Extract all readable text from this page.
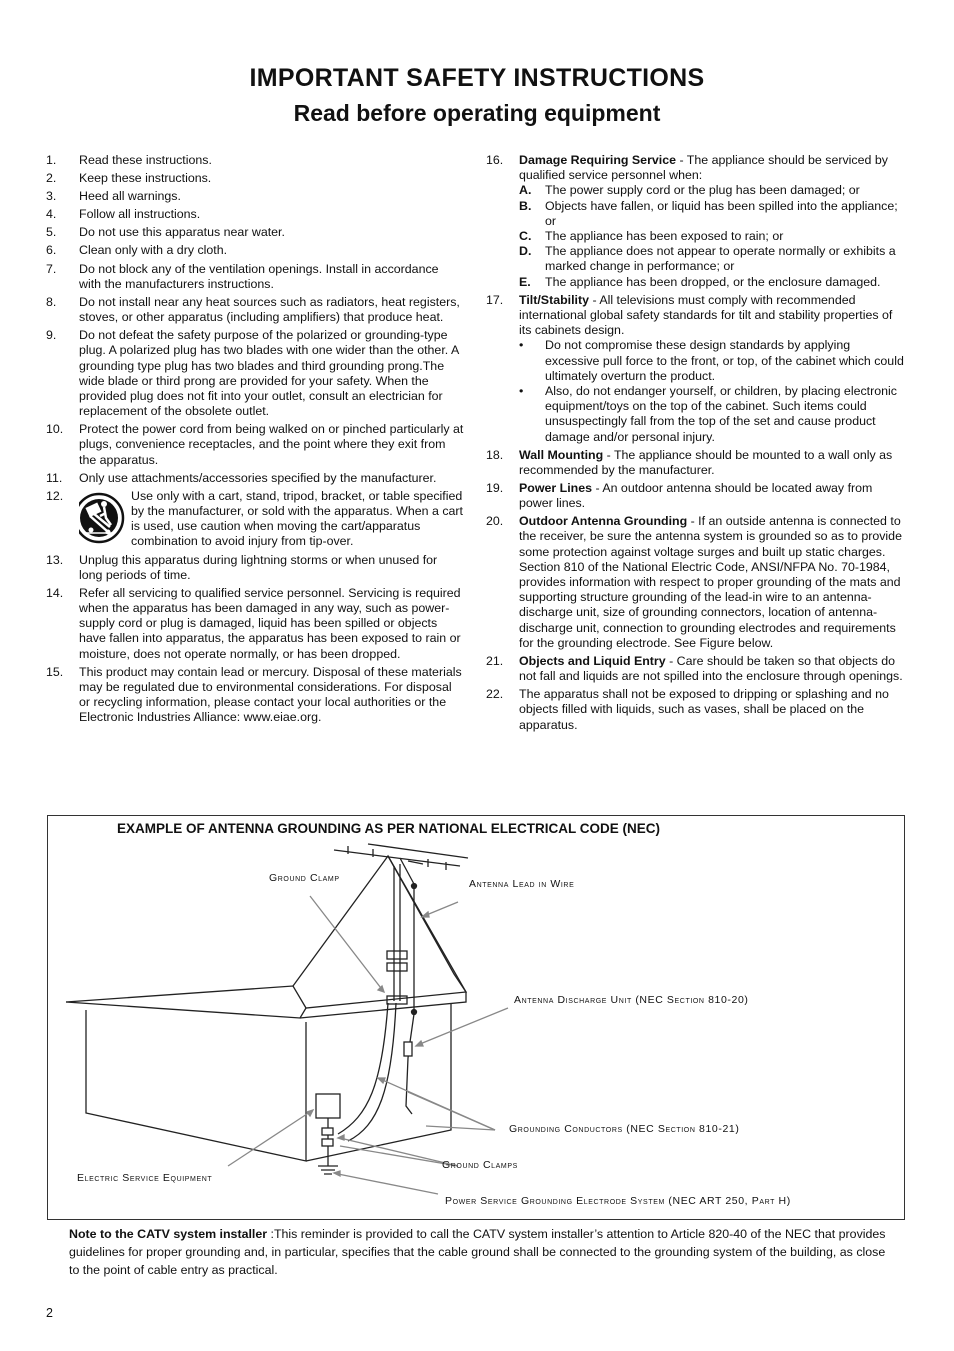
IMPORTANT SAFETY INSTRUCTIONS
Read before operating equipment
1.	Read these instructions.
2.	Keep these instructions.
3.	Heed all warnings.
4.	Follow all instructions.
5.	Do not use this apparatus near water.
6.	Clean only with a dry cloth.
7.	Do not block any of the ventilation openings. Install in accordance with the manufacturers instructions.
8.	Do not install near any heat sources such as radiators, heat registers, stoves, or other apparatus (including amplifiers) that produce heat.
9.	Do not defeat the safety purpose of the polarized or grounding-type plug. A polarized plug has two blades with one wider than the other. A grounding type plug has two blades and third grounding prong.The wide blade or third prong are provided for your safety. When the provided plug does not fit into your outlet, consult an electrician for replacement of the obsolete outlet.
10.	Protect the power cord from being walked on or pinched particularly at plugs, convenience receptacles, and the point where they exit from the apparatus.
11.	Only use attachments/accessories specified by the manufacturer.
12.	Use only with a cart, stand, tripod, bracket, or table specified by the manufacturer, or sold with the apparatus. When a cart is used, use caution when moving the cart/apparatus combination to avoid injury from tip-over.
13.	Unplug this apparatus during lightning storms or when unused for long periods of time.
14.	Refer all servicing to qualified service personnel. Servicing is required when the apparatus has been damaged in any way, such as power-supply cord or plug is damaged, liquid has been spilled or objects have fallen into apparatus, the apparatus has been exposed to rain or moisture, does not operate normally, or has been dropped.
15.	This product may contain lead or mercury. Disposal of these materials may be regulated due to environmental considerations. For disposal or recycling information, please contact your local authorities or the Electronic Industries Alliance: www.eiae.org.
16.	Damage Requiring Service - The appliance should be serviced by qualified service personnel when:
A.	The power supply cord or the plug has been damaged; or
B.	Objects have fallen, or liquid has been spilled into the appliance; or
C.	The appliance has been exposed to rain; or
D.	The appliance does not appear to operate normally or exhibits a marked change in performance; or
E.	The appliance has been dropped, or the enclosure damaged.
17.	Tilt/Stability - All televisions must comply with recommended international global safety standards for tilt and stability properties of its cabinets design.
•	Do not compromise these design standards by applying excessive pull force to the front, or top, of the cabinet which could ultimately overturn the product.
•	Also, do not endanger yourself, or children, by placing electronic equipment/toys on the top of the cabinet. Such items could unsuspectingly fall from the top of the set and cause product damage and/or personal injury.
18.	Wall Mounting - The appliance should be mounted to a wall only as recommended by the manufacturer.
19.	Power Lines - An outdoor antenna should be located away from power lines.
20.	Outdoor Antenna Grounding - If an outside antenna is connected to the receiver, be sure the antenna system is grounded so as to provide some protection against voltage surges and built up static charges.
Section 810 of the National Electric Code, ANSI/NFPA No. 70-1984, provides information with respect to proper grounding of the mats and supporting structure grounding of the lead-in wire to an antenna-discharge unit, size of grounding connectors, location of antenna-discharge unit, connection to grounding electrodes and requirements for the grounding electrode. See Figure below.
21.	Objects and Liquid Entry - Care should be taken so that objects do not fall and liquids are not spilled into the enclosure through openings.
22.	The apparatus shall not be exposed to dripping or splashing and no objects filled with liquids, such as vases, shall be placed on the apparatus.
EXAMPLE OF ANTENNA GROUNDING AS PER NATIONAL ELECTRICAL CODE (NEC)
Ground Clamp	Antenna Lead in Wire
Antenna Discharge Unit (NEC Section 810-20)
Grounding Conductors (NEC Section 810-21)
Ground Clamps
Electric Service Equipment
Power Service Grounding Electrode System (NEC ART 250, Part H)
Note to the CATV system installer :This reminder is provided to call the CATV system installer’s attention to Article 820-40 of the NEC that provides guidelines for proper grounding and, in particular, specifies that the cable ground shall be connected to the grounding system of the building, as close to the point of cable entry as practical.
2
